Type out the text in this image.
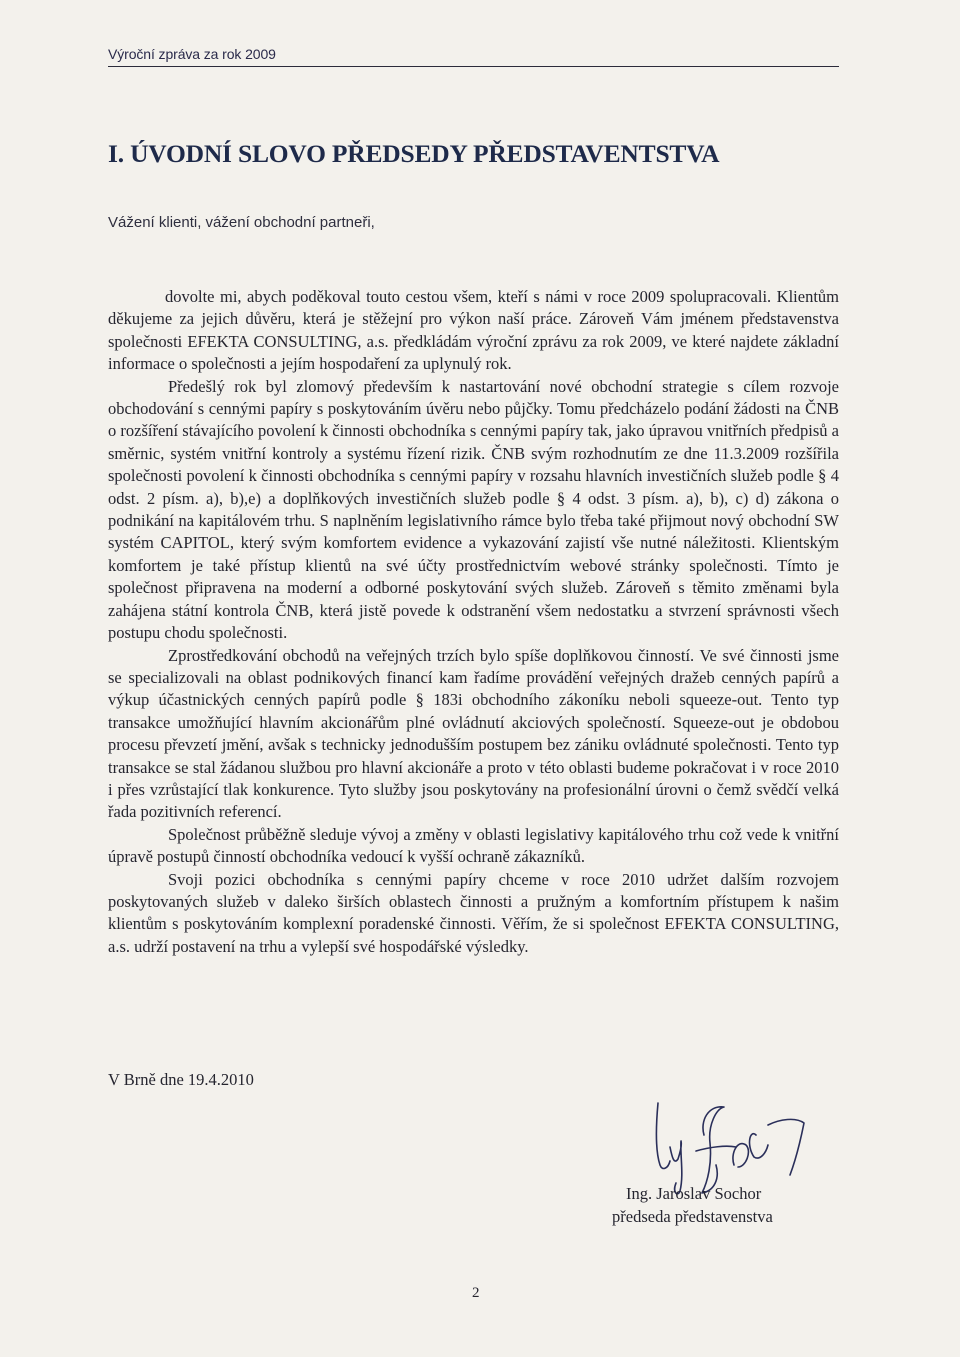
Výroční zpráva za rok 2009
I. ÚVODNÍ SLOVO PŘEDSEDY PŘEDSTAVENTSTVA
Vážení klienti, vážení obchodní partneři,

dovolte mi, abych poděkoval touto cestou všem, kteří s námi v roce 2009 spolupracovali. Klientům děkujeme za jejich důvěru, která je stěžejní pro výkon naší práce. Zároveň Vám jménem představenstva společnosti EFEKTA CONSULTING, a.s. předkládám výroční zprávu za rok 2009, ve které najdete základní informace o společnosti a jejím hospodaření za uplynulý rok.

Předešlý rok byl zlomový především k nastartování nové obchodní strategie s cílem rozvoje obchodování s cennými papíry s poskytováním úvěru nebo půjčky. Tomu předcházelo podání žádosti na ČNB o rozšíření stávajícího povolení k činnosti obchodníka s cennými papíry tak, jako úpravou vnitřních předpisů a směrnic, systém vnitřní kontroly a systému řízení rizik. ČNB svým rozhodnutím ze dne 11.3.2009 rozšířila společnosti povolení k činnosti obchodníka s cennými papíry v rozsahu hlavních investičních služeb podle § 4 odst. 2 písm. a), b),e) a doplňkových investičních služeb podle § 4 odst. 3 písm. a), b), c) d) zákona o podnikání na kapitálovém trhu. S naplněním legislativního rámce bylo třeba také přijmout nový obchodní SW systém CAPITOL, který svým komfortem evidence a vykazování zajistí vše nutné náležitosti. Klientským komfortem je také přístup klientů na své účty prostřednictvím webové stránky společnosti. Tímto je společnost připravena na moderní a odborné poskytování svých služeb. Zároveň s těmito změnami byla zahájena státní kontrola ČNB, která jistě povede k odstranění všem nedostatku a stvrzení správnosti všech postupu chodu společnosti.

Zprostředkování obchodů na veřejných trzích bylo spíše doplňkovou činností. Ve své činnosti jsme se specializovali na oblast podnikových financí kam řadíme provádění veřejných dražeb cenných papírů a výkup účastnických cenných papírů podle § 183i obchodního zákoníku neboli squeeze-out. Tento typ transakce umožňující hlavním akcionářům plné ovládnutí akciových společností. Squeeze-out je obdobou procesu převzetí jmění, avšak s technicky jednodušším postupem bez zániku ovládnuté společnosti. Tento typ transakce se stal žádanou službou pro hlavní akcionáře a proto v této oblasti budeme pokračovat i v roce 2010 i přes vzrůstající tlak konkurence. Tyto služby jsou poskytovány na profesionální úrovni o čemž svědčí velká řada pozitivních referencí.

Společnost průběžně sleduje vývoj a změny v oblasti legislativy kapitálového trhu což vede k vnitřní úpravě postupů činností obchodníka vedoucí k vyšší ochraně zákazníků.

Svoji pozici obchodníka s cennými papíry chceme v roce 2010 udržet dalším rozvojem poskytovaných služeb v daleko širších oblastech činnosti a pružným a komfortním přístupem k našim klientům s poskytováním komplexní poradenské činnosti. Věřím, že si společnost EFEKTA CONSULTING, a.s. udrží postavení na trhu a vylepší své hospodářské výsledky.

V Brně dne 19.4.2010
Ing. Jaroslav Sochor
předseda představenstva
2
